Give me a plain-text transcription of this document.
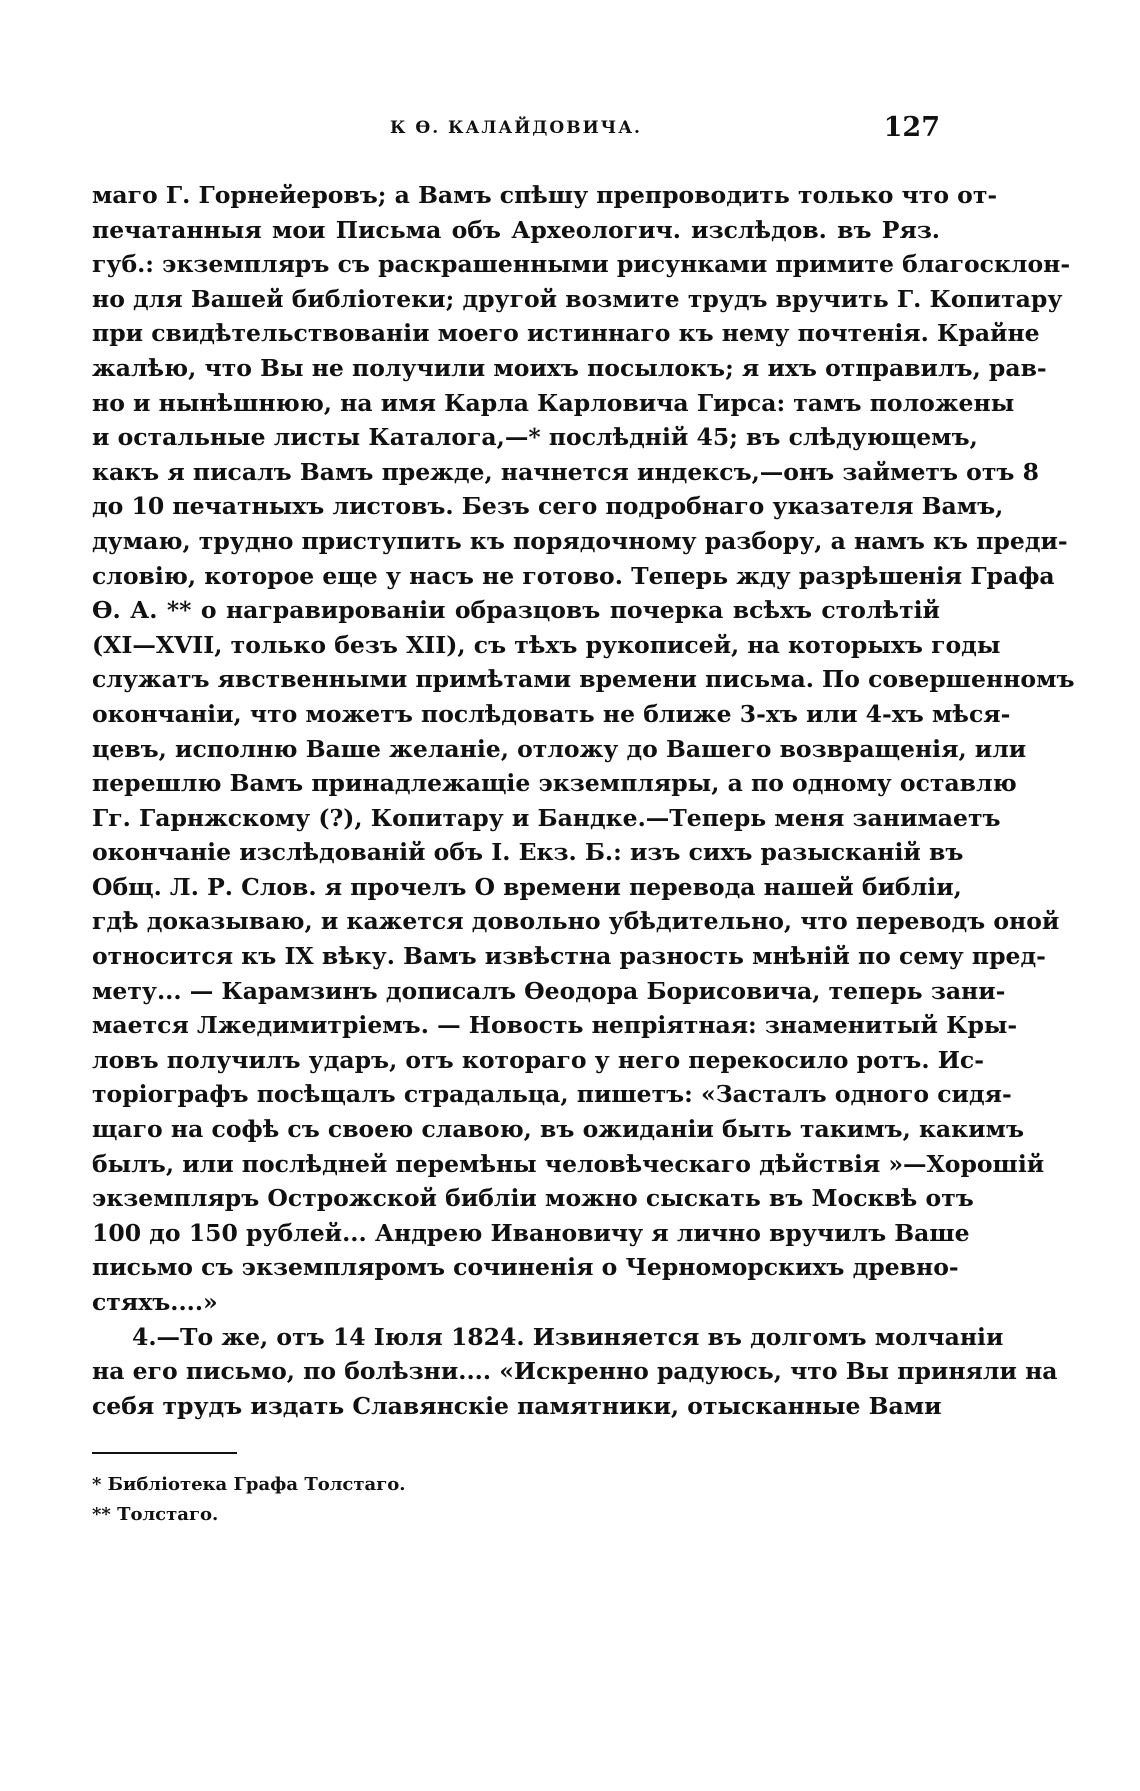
К Ѳ. КАЛАЙДОВИЧА.	127
маго Г. Горнейеровъ; а Вамъ спѣшу препроводить только что от-
печатанныя мои Письма объ Археологич. изслѣдов. въ Ряз.
губ.: экземпляръ съ раскрашенными рисунками примите благосклон-
но для Вашей библіотеки; другой возмите трудъ вручить Г. Копитару
при свидѣтельствованіи моего истиннаго къ нему почтенія. Крайне
жалѣю, что Вы не получили моихъ посылокъ; я ихъ отправилъ, рав-
но и нынѣшнюю, на имя Карла Карловича Гирса: тамъ положены
и остальные листы Каталога,—* послѣдній 45; въ слѣдующемъ,
какъ я писалъ Вамъ прежде, начнется индексъ,—онъ займетъ отъ 8
до 10 печатныхъ листовъ. Безъ сего подробнаго указателя Вамъ,
думаю, трудно приступить къ порядочному разбору, а намъ къ преди-
словію, которое еще у насъ не готово. Теперь жду разрѣшенія Графа
Ѳ. А. ** о награвированіи образцовъ почерка всѣхъ столѣтій
(XI—XVII, только безъ XII), съ тѣхъ рукописей, на которыхъ годы
служатъ явственными примѣтами времени письма. По совершенномъ
окончаніи, что можетъ послѣдовать не ближе 3-хъ или 4-хъ мѣся-
цевъ, исполню Ваше желаніе, отложу до Вашего возвращенія, или
перешлю Вамъ принадлежащіе экземпляры, а по одному оставлю
Гг. Гарнжскому (?), Копитару и Бандке.—Теперь меня занимаетъ
окончаніе изслѣдованій объ І. Екз. Б.: изъ сихъ разысканій въ
Общ. Л. Р. Слов. я прочелъ О времени перевода нашей библіи,
гдѣ доказываю, и кажется довольно убѣдительно, что переводъ оной
относится къ IX вѣку. Вамъ извѣстна разность мнѣній по сему пред-
мету... — Карамзинъ дописалъ Ѳеодора Борисовича, теперь зани-
мается Лжедимитріемъ. — Новость непріятная: знаменитый Кры-
ловъ получилъ ударъ, отъ котораго у него перекосило ротъ. Ис-
торіографъ посѣщалъ страдальца, пишетъ: «Засталъ одного сидя-
щаго на софѣ съ своею славою, въ ожиданіи быть такимъ, какимъ
былъ, или послѣдней перемѣны человѣческаго дѣйствія »—Хорошій
экземпляръ Острожской библіи можно сыскать въ Москвѣ отъ
100 до 150 рублей... Андрею Ивановичу я лично вручилъ Ваше
письмо съ экземпляромъ сочиненія о Черноморскихъ древно-
стяхъ....»
4.—То же, отъ 14 Іюля 1824. Извиняется въ долгомъ молчаніи
на его письмо, по болѣзни.... «Искренно радуюсь, что Вы приняли на
себя трудъ издать Славянскіе памятники, отысканные Вами
* Библіотека Графа Толстаго.
** Толстаго.
